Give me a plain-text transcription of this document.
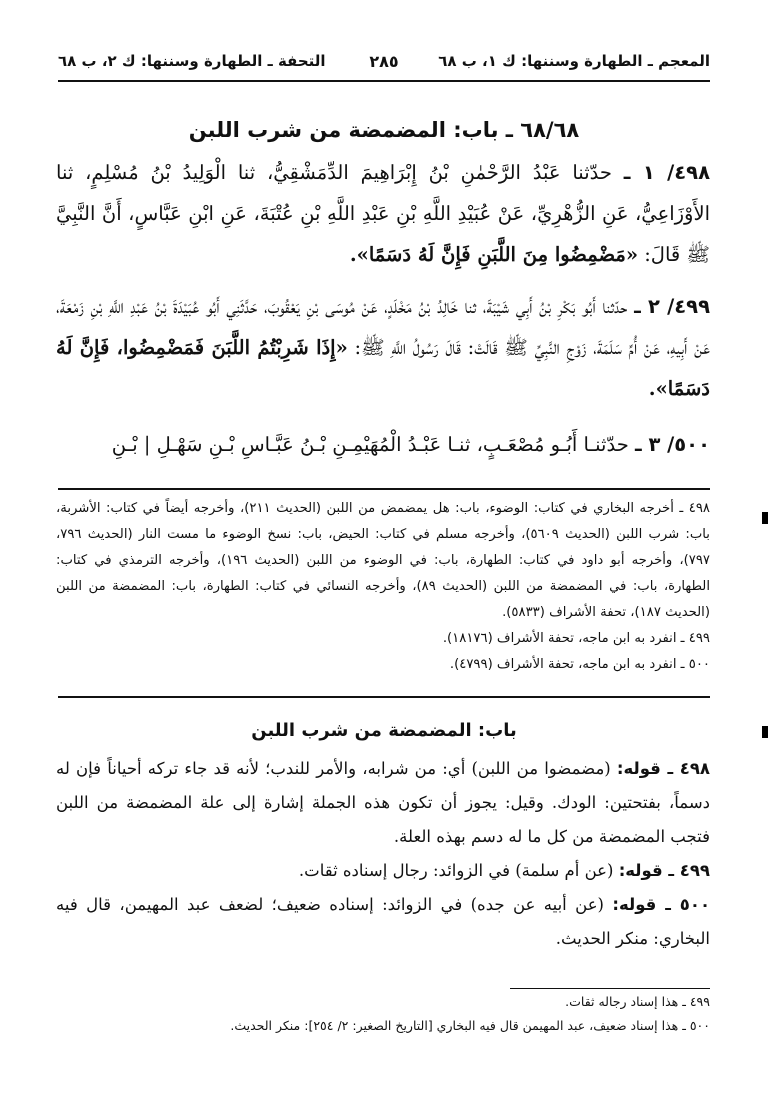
المعجم ـ الطهارة وسننها: ك ١، ب ٦٨
٢٨٥
التحفة ـ الطهارة وسننها: ك ٢، ب ٦٨
٦٨/٦٨ ـ باب: المضمضة من شرب اللبن
٤٩٨/ ١ ـ حدّثنا عَبْدُ الرَّحْمٰنِ بْنُ إِبْرَاهِيمَ الدِّمَشْقِيُّ، ثنا الْوَلِيدُ بْنُ مُسْلِمٍ، ثنا الأَوْزَاعِيُّ، عَنِ الزُّهْرِيِّ، عَنْ عُبَيْدِ اللَّهِ بْنِ عَبْدِ اللَّهِ بْنِ عُتْبَةَ، عَنِ ابْنِ عَبَّاسٍ، أَنَّ النَّبِيَّ ﷺ قَالَ: «مَضْمِضُوا مِنَ اللَّبَنِ فَإِنَّ لَهُ دَسَمًا».
٤٩٩/ ٢ ـ حدّثنا أَبُو بَكْرِ بْنُ أَبِي شَيْبَةَ، ثنا خَالِدُ بْنُ مَخْلَدٍ، عَنْ مُوسَى بْنِ يَعْقُوبَ، حَدَّثَنِي أَبُو عُبَيْدَةَ بْنُ عَبْدِ اللَّهِ بْنِ زَمْعَةَ، عَنْ أَبِيهِ، عَنْ أُمِّ سَلَمَةَ، زَوْجِ النَّبِيِّ ﷺ قَالَتْ: قَالَ رَسُولُ اللَّهِ ﷺ: «إِذَا شَرِبْتُمُ اللَّبَنَ فَمَضْمِضُوا، فَإِنَّ لَهُ دَسَمًا».
٥٠٠/ ٣ ـ حدّثنـا أَبُـو مُصْعَـبٍ، ثنـا عَبْـدُ الْمُهَيْمِـنِ بْـنُ عَبَّـاسِ بْـنِ سَهْـلِ | بْـنِ

٤٩٨ ـ أخرجه البخاري في كتاب: الوضوء، باب: هل يمضمض من اللبن (الحديث ٢١١)، وأخرجه أيضاً في كتاب: الأشربة، باب: شرب اللبن (الحديث ٥٦٠٩)، وأخرجه مسلم في كتاب: الحيض، باب: نسخ الوضوء ما مست النار (الحديث ٧٩٦، ٧٩٧)، وأخرجه أبو داود في كتاب: الطهارة، باب: في الوضوء من اللبن (الحديث ١٩٦)، وأخرجه الترمذي في كتاب: الطهارة، باب: في المضمضة من اللبن (الحديث ٨٩)، وأخرجه النسائي في كتاب: الطهارة، باب: المضمضة من اللبن (الحديث ١٨٧)، تحفة الأشراف (٥٨٣٣).

٤٩٩ ـ انفرد به ابن ماجه، تحفة الأشراف (١٨١٧٦).

٥٠٠ ـ انفرد به ابن ماجه، تحفة الأشراف (٤٧٩٩).

باب: المضمضة من شرب اللبن

٤٩٨ ـ قوله: (مضمضوا من اللبن) أي: من شرابه، والأمر للندب؛ لأنه قد جاء تركه أحياناً فإن له دسماً، بفتحتين: الودك. وقيل: يجوز أن تكون هذه الجملة إشارة إلى علة المضمضة من اللبن فتجب المضمضة من كل ما له دسم بهذه العلة.

٤٩٩ ـ قوله: (عن أم سلمة) في الزوائد: رجال إسناده ثقات.

٥٠٠ ـ قوله: (عن أبيه عن جده) في الزوائد: إسناده ضعيف؛ لضعف عبد المهيمن، قال فيه البخاري: منكر الحديث.

٤٩٩ ـ هذا إسناد رجاله ثقات.

٥٠٠ ـ هذا إسناد ضعيف، عبد المهيمن قال فيه البخاري [التاريخ الصغير: ٢/ ٢٥٤]: منكر الحديث.
